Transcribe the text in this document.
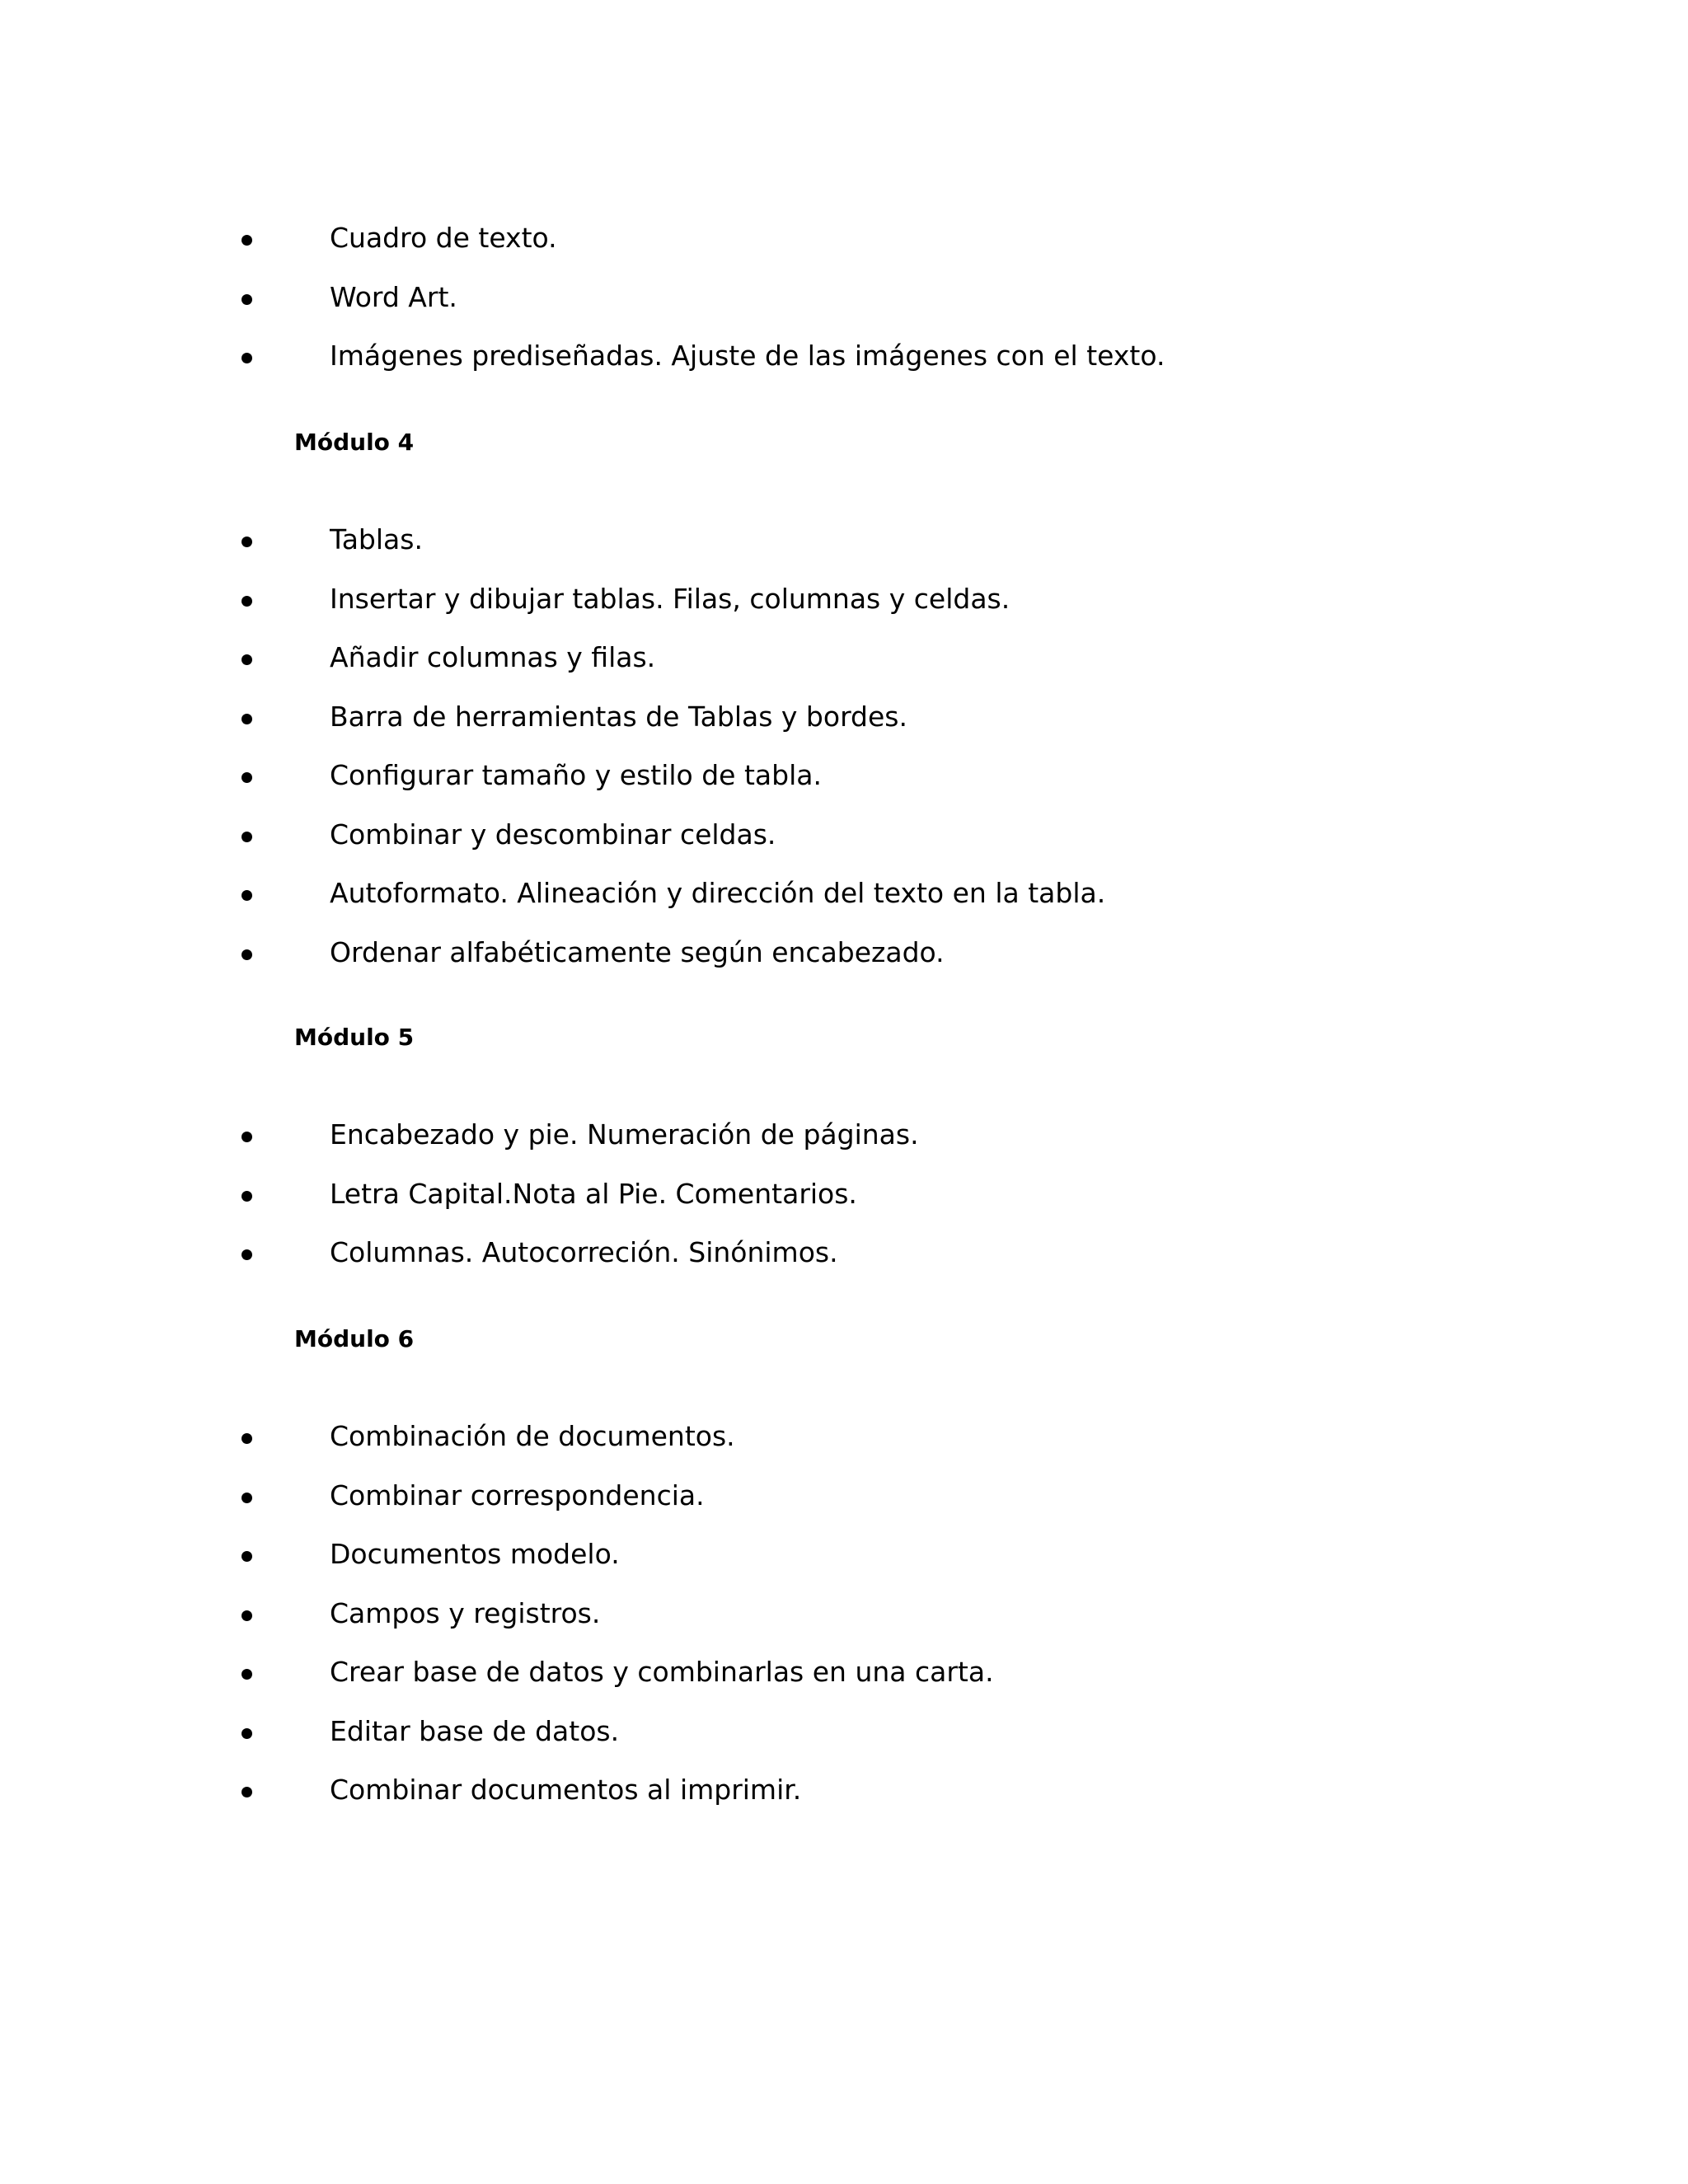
Cuadro de texto.
Word Art.
Imágenes prediseñadas. Ajuste de las imágenes con el texto.
Módulo 4
Tablas.
Insertar y dibujar tablas. Filas, columnas y celdas.
Añadir columnas y filas.
Barra de herramientas de Tablas y bordes.
Configurar tamaño y estilo de tabla.
Combinar y descombinar celdas.
Autoformato. Alineación y dirección del texto en la tabla.
Ordenar alfabéticamente según encabezado.
Módulo 5
Encabezado y pie. Numeración de páginas.
Letra Capital.Nota al Pie. Comentarios.
Columnas. Autocorreción. Sinónimos.
Módulo 6
Combinación de documentos.
Combinar correspondencia.
Documentos modelo.
Campos y registros.
Crear base de datos y combinarlas en una carta.
Editar base de datos.
Combinar documentos al imprimir.
